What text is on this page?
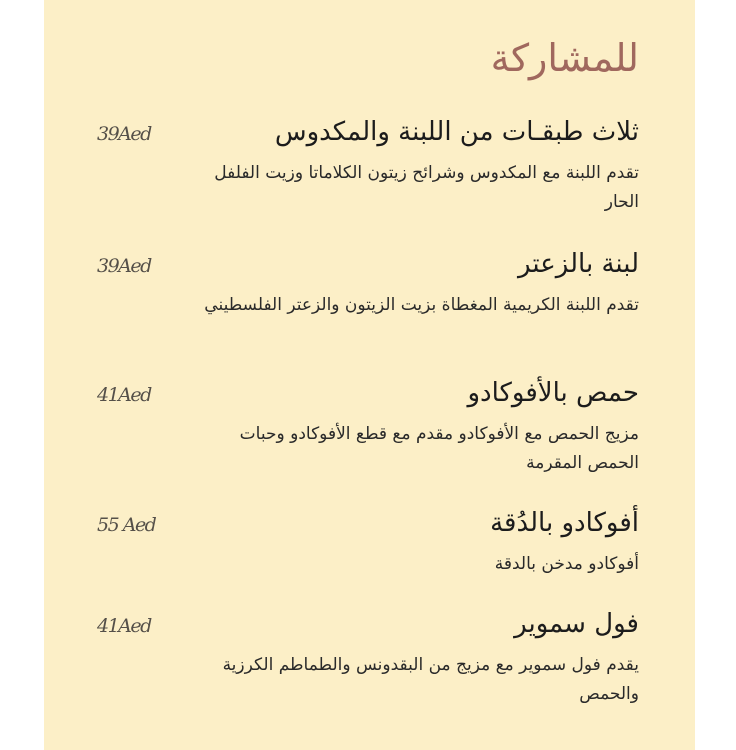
للمشاركة
ثلاث طبقـات من اللبنة والمكدوس
39Aed

تقدم اللبنة مع المكدوس وشرائح زيتون الكلاماتا وزيت الفلفل الحار

لبنة بالزعتر
39Aed

تقدم اللبنة الكريمية المغطاة بزيت الزيتون والزعتر الفلسطيني

حمص بالأفوكادو
41Aed

مزيج الحمص مع الأفوكادو مقدم مع قطع الأفوكادو وحبات الحمص المقرمة

أفوكادو بالدُقة
55 Aed

أفوكادو مدخن بالدقة

فول سموير
41Aed

يقدم فول سموير مع مزيج من البقدونس والطماطم الكرزية والحمص
